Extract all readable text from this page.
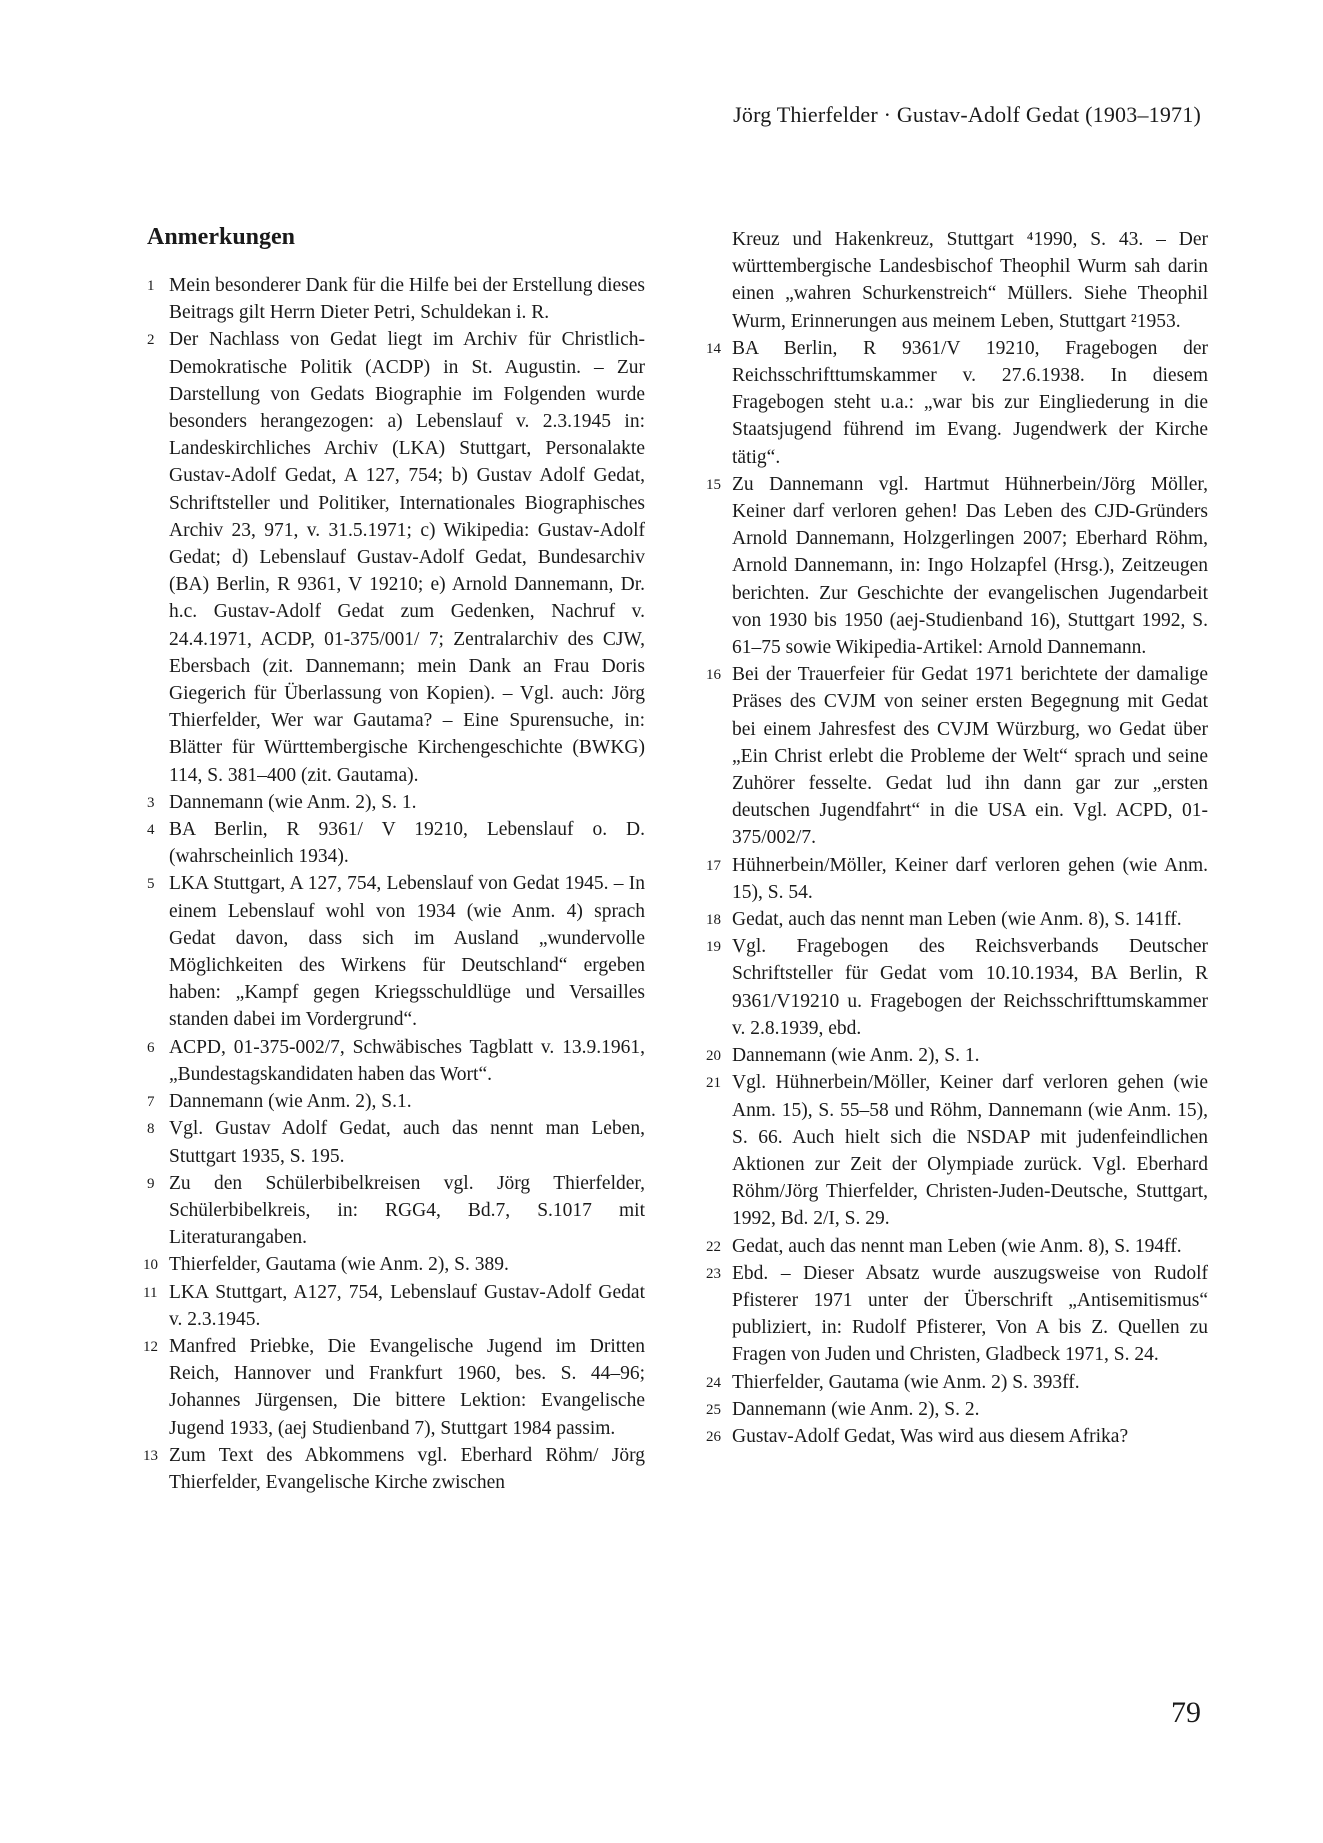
Jörg Thierfelder · Gustav-Adolf Gedat (1903–1971)
Anmerkungen
1 Mein besonderer Dank für die Hilfe bei der Erstellung dieses Beitrags gilt Herrn Dieter Petri, Schuldekan i. R.
2 Der Nachlass von Gedat liegt im Archiv für Christlich-Demokratische Politik (ACDP) in St. Augustin. – Zur Darstellung von Gedats Biographie im Folgenden wurde besonders herangezogen: a) Lebenslauf v. 2.3.1945 in: Landeskirchliches Archiv (LKA) Stuttgart, Personalakte Gustav-Adolf Gedat, A 127, 754; b) Gustav Adolf Gedat, Schriftsteller und Politiker, Internationales Biographisches Archiv 23, 971, v. 31.5.1971; c) Wikipedia: Gustav-Adolf Gedat; d) Lebenslauf Gustav-Adolf Gedat, Bundesarchiv (BA) Berlin, R 9361, V 19210; e) Arnold Dannemann, Dr. h.c. Gustav-Adolf Gedat zum Gedenken, Nachruf v. 24.4.1971, ACDP, 01-375/001/ 7; Zentralarchiv des CJW, Ebersbach (zit. Dannemann; mein Dank an Frau Doris Giegerich für Überlassung von Kopien). – Vgl. auch: Jörg Thierfelder, Wer war Gautama? – Eine Spurensuche, in: Blätter für Württembergische Kirchengeschichte (BWKG) 114, S. 381–400 (zit. Gautama).
3 Dannemann (wie Anm. 2), S. 1.
4 BA Berlin, R 9361/ V 19210, Lebenslauf o. D. (wahrscheinlich 1934).
5 LKA Stuttgart, A 127, 754, Lebenslauf von Gedat 1945. – In einem Lebenslauf wohl von 1934 (wie Anm. 4) sprach Gedat davon, dass sich im Ausland „wundervolle Möglichkeiten des Wirkens für Deutschland“ ergeben haben: „Kampf gegen Kriegsschuldlüge und Versailles standen dabei im Vordergrund“.
6 ACPD, 01-375-002/7, Schwäbisches Tagblatt v. 13.9.1961, „Bundestagskandidaten haben das Wort“.
7 Dannemann (wie Anm. 2), S.1.
8 Vgl. Gustav Adolf Gedat, auch das nennt man Leben, Stuttgart 1935, S. 195.
9 Zu den Schülerbibelkreisen vgl. Jörg Thierfelder, Schülerbibelkreis, in: RGG4, Bd.7, S.1017 mit Literaturangaben.
10 Thierfelder, Gautama (wie Anm. 2), S. 389.
11 LKA Stuttgart, A127, 754, Lebenslauf Gustav-Adolf Gedat v. 2.3.1945.
12 Manfred Priebke, Die Evangelische Jugend im Dritten Reich, Hannover und Frankfurt 1960, bes. S. 44–96; Johannes Jürgensen, Die bittere Lektion: Evangelische Jugend 1933, (aej Studienband 7), Stuttgart 1984 passim.
13 Zum Text des Abkommens vgl. Eberhard Röhm/ Jörg Thierfelder, Evangelische Kirche zwischen
Kreuz und Hakenkreuz, Stuttgart ⁴1990, S. 43. – Der württembergische Landesbischof Theophil Wurm sah darin einen „wahren Schurkenstreich“ Müllers. Siehe Theophil Wurm, Erinnerungen aus meinem Leben, Stuttgart ²1953.
14 BA Berlin, R 9361/V 19210, Fragebogen der Reichsschrifttumskammer v. 27.6.1938. In diesem Fragebogen steht u.a.: „war bis zur Eingliederung in die Staatsjugend führend im Evang. Jugendwerk der Kirche tätig“.
15 Zu Dannemann vgl. Hartmut Hühnerbein/Jörg Möller, Keiner darf verloren gehen! Das Leben des CJD-Gründers Arnold Dannemann, Holzgerlingen 2007; Eberhard Röhm, Arnold Dannemann, in: Ingo Holzapfel (Hrsg.), Zeitzeugen berichten. Zur Geschichte der evangelischen Jugendarbeit von 1930 bis 1950 (aej-Studienband 16), Stuttgart 1992, S. 61–75 sowie Wikipedia-Artikel: Arnold Dannemann.
16 Bei der Trauerfeier für Gedat 1971 berichtete der damalige Präses des CVJM von seiner ersten Begegnung mit Gedat bei einem Jahresfest des CVJM Würzburg, wo Gedat über „Ein Christ erlebt die Probleme der Welt“ sprach und seine Zuhörer fesselte. Gedat lud ihn dann gar zur „ersten deutschen Jugendfahrt“ in die USA ein. Vgl. ACPD, 01-375/002/7.
17 Hühnerbein/Möller, Keiner darf verloren gehen (wie Anm. 15), S. 54.
18 Gedat, auch das nennt man Leben (wie Anm. 8), S. 141ff.
19 Vgl. Fragebogen des Reichsverbands Deutscher Schriftsteller für Gedat vom 10.10.1934, BA Berlin, R 9361/V19210 u. Fragebogen der Reichsschrifttumskammer v. 2.8.1939, ebd.
20 Dannemann (wie Anm. 2), S. 1.
21 Vgl. Hühnerbein/Möller, Keiner darf verloren gehen (wie Anm. 15), S. 55–58 und Röhm, Dannemann (wie Anm. 15), S. 66. Auch hielt sich die NSDAP mit judenfeindlichen Aktionen zur Zeit der Olympiade zurück. Vgl. Eberhard Röhm/Jörg Thierfelder, Christen-Juden-Deutsche, Stuttgart, 1992, Bd. 2/I, S. 29.
22 Gedat, auch das nennt man Leben (wie Anm. 8), S. 194ff.
23 Ebd. – Dieser Absatz wurde auszugsweise von Rudolf Pfisterer 1971 unter der Überschrift „Antisemitismus“ publiziert, in: Rudolf Pfisterer, Von A bis Z. Quellen zu Fragen von Juden und Christen, Gladbeck 1971, S. 24.
24 Thierfelder, Gautama (wie Anm. 2) S. 393ff.
25 Dannemann (wie Anm. 2), S. 2.
26 Gustav-Adolf Gedat, Was wird aus diesem Afrika?
79
